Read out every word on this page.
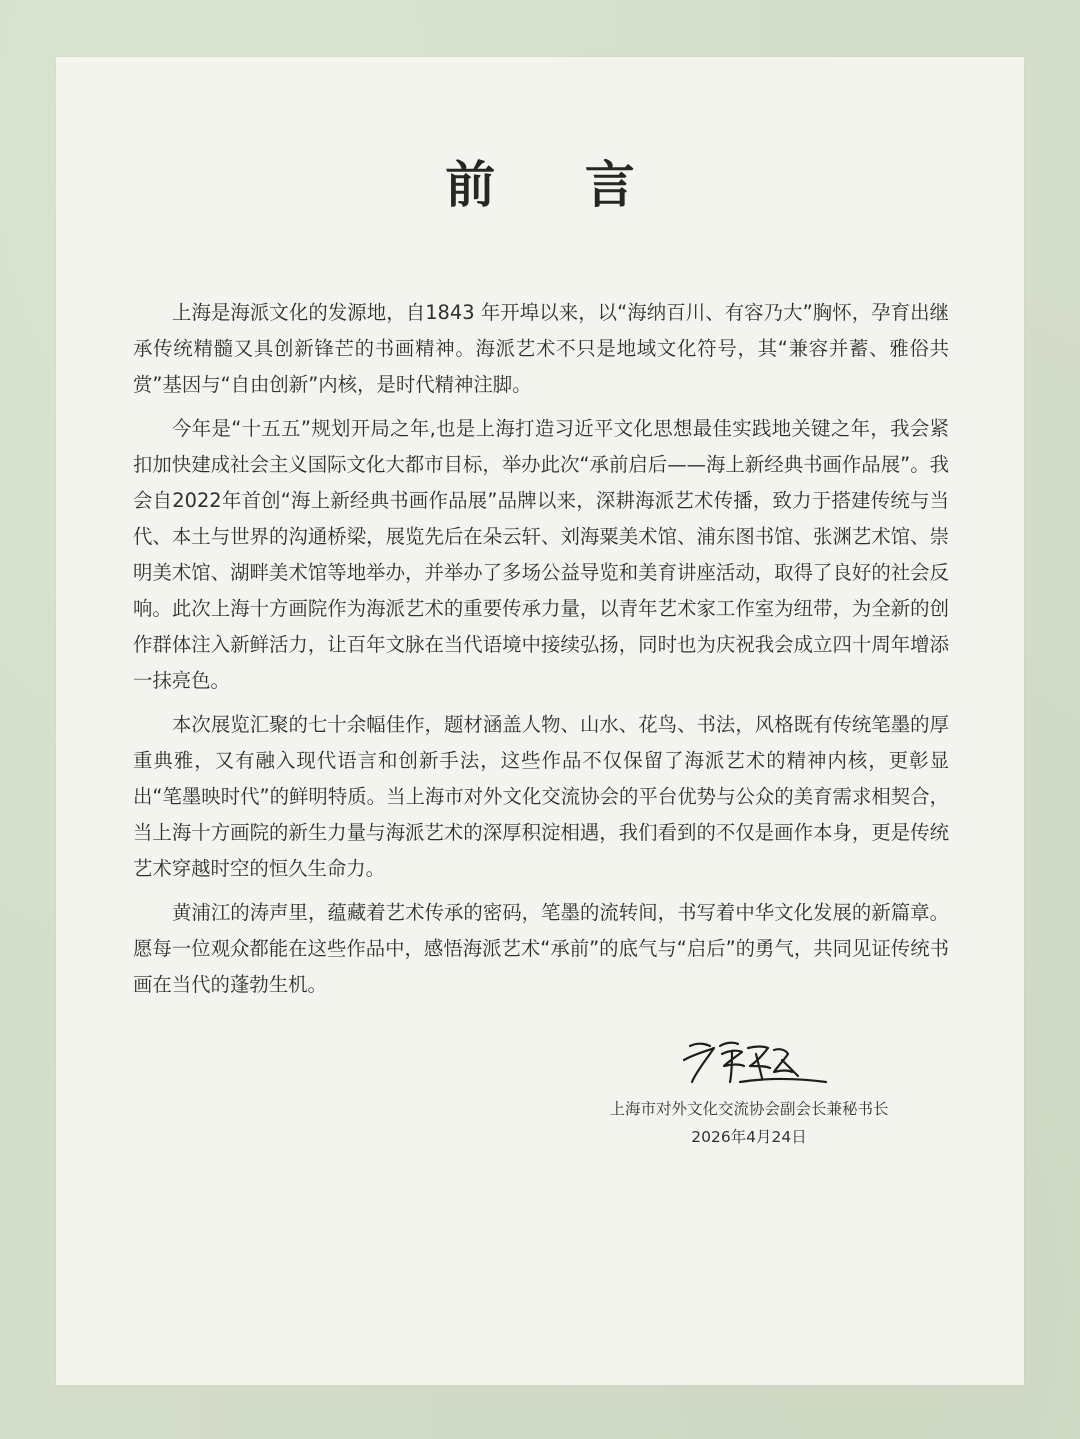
前 言

上海是海派文化的发源地，自1843 年开埠以来，以“海纳百川、有容乃大”胸怀，孕育出继承传统精髓又具创新锋芒的书画精神。海派艺术不只是地域文化符号，其“兼容并蓄、雅俗共赏”基因与“自由创新”内核，是时代精神注脚。

今年是“十五五”规划开局之年,也是上海打造习近平文化思想最佳实践地关键之年，我会紧扣加快建成社会主义国际文化大都市目标，举办此次“承前启后——海上新经典书画作品展”。我会自2022年首创“海上新经典书画作品展”品牌以来，深耕海派艺术传播，致力于搭建传统与当代、本土与世界的沟通桥梁，展览先后在朵云轩、刘海粟美术馆、浦东图书馆、张渊艺术馆、崇明美术馆、湖畔美术馆等地举办，并举办了多场公益导览和美育讲座活动，取得了良好的社会反响。此次上海十方画院作为海派艺术的重要传承力量，以青年艺术家工作室为纽带，为全新的创作群体注入新鲜活力，让百年文脉在当代语境中接续弘扬，同时也为庆祝我会成立四十周年增添一抹亮色。

本次展览汇聚的七十余幅佳作，题材涵盖人物、山水、花鸟、书法，风格既有传统笔墨的厚重典雅，又有融入现代语言和创新手法，这些作品不仅保留了海派艺术的精神内核，更彰显出“笔墨映时代”的鲜明特质。当上海市对外文化交流协会的平台优势与公众的美育需求相契合，当上海十方画院的新生力量与海派艺术的深厚积淀相遇，我们看到的不仅是画作本身，更是传统艺术穿越时空的恒久生命力。

黄浦江的涛声里，蕴藏着艺术传承的密码，笔墨的流转间，书写着中华文化发展的新篇章。愿每一位观众都能在这些作品中，感悟海派艺术“承前”的底气与“启后”的勇气，共同见证传统书画在当代的蓬勃生机。

上海市对外文化交流协会副会长兼秘书长
2026年4月24日
